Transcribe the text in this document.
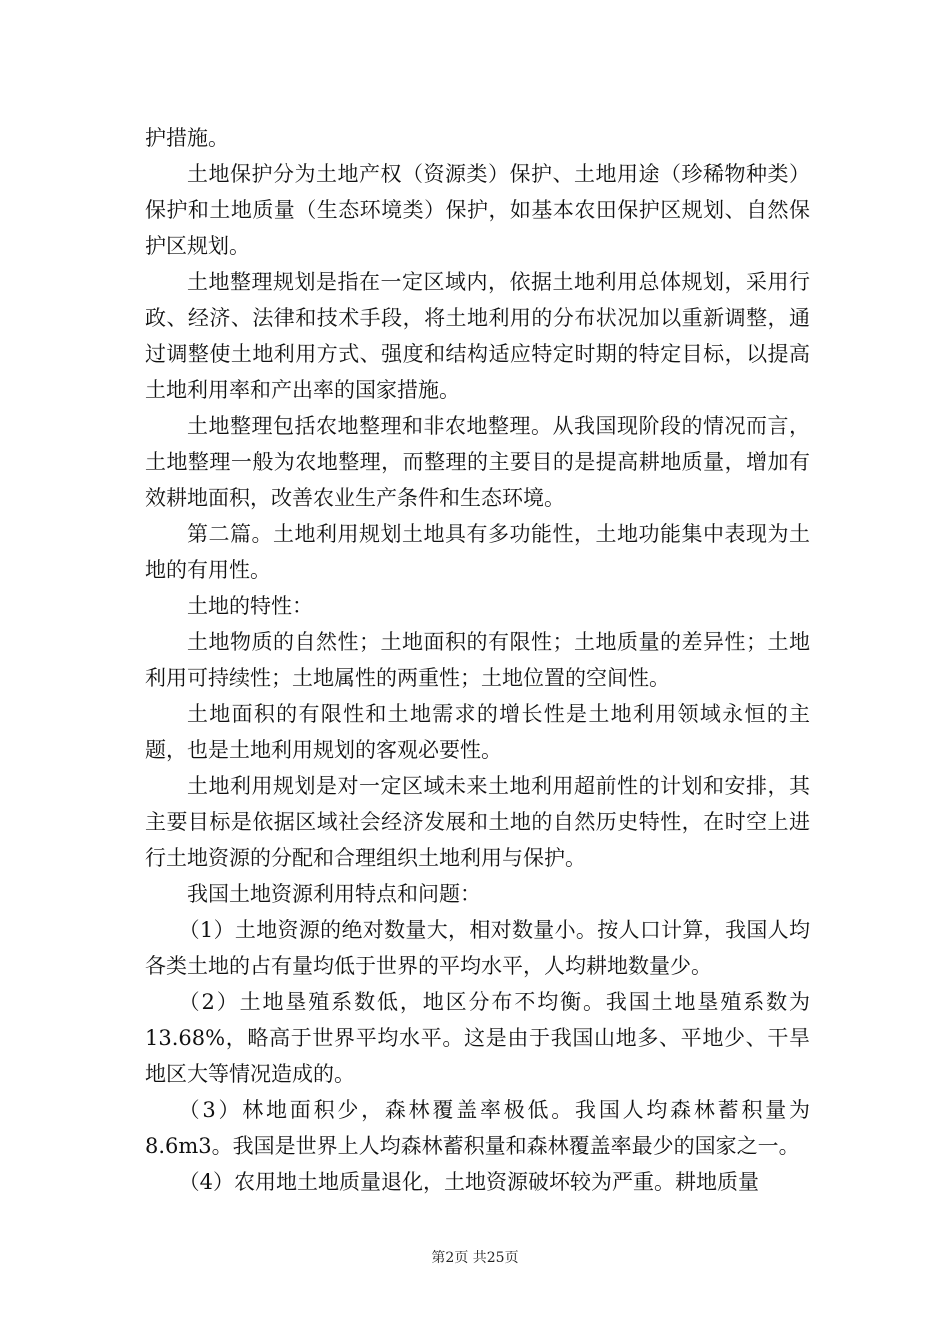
护措施。

土地保护分为土地产权（资源类）保护、土地用途（珍稀物种类）保护和土地质量（生态环境类）保护，如基本农田保护区规划、自然保护区规划。

土地整理规划是指在一定区域内，依据土地利用总体规划，采用行政、经济、法律和技术手段，将土地利用的分布状况加以重新调整，通过调整使土地利用方式、强度和结构适应特定时期的特定目标，以提高土地利用率和产出率的国家措施。

土地整理包括农地整理和非农地整理。从我国现阶段的情况而言，土地整理一般为农地整理，而整理的主要目的是提高耕地质量，增加有效耕地面积，改善农业生产条件和生态环境。

第二篇。土地利用规划土地具有多功能性，土地功能集中表现为土地的有用性。

土地的特性：

土地物质的自然性；土地面积的有限性；土地质量的差异性；土地利用可持续性；土地属性的两重性；土地位置的空间性。

土地面积的有限性和土地需求的增长性是土地利用领域永恒的主题，也是土地利用规划的客观必要性。

土地利用规划是对一定区域未来土地利用超前性的计划和安排，其主要目标是依据区域社会经济发展和土地的自然历史特性，在时空上进行土地资源的分配和合理组织土地利用与保护。

我国土地资源利用特点和问题：

（1）土地资源的绝对数量大，相对数量小。按人口计算，我国人均各类土地的占有量均低于世界的平均水平，人均耕地数量少。

（2）土地垦殖系数低，地区分布不均衡。我国土地垦殖系数为13.68%，略高于世界平均水平。这是由于我国山地多、平地少、干旱地区大等情况造成的。

（3）林地面积少，森林覆盖率极低。我国人均森林蓄积量为8.6m3。我国是世界上人均森林蓄积量和森林覆盖率最少的国家之一。

（4）农用地土地质量退化，土地资源破坏较为严重。耕地质量

第2页 共25页
